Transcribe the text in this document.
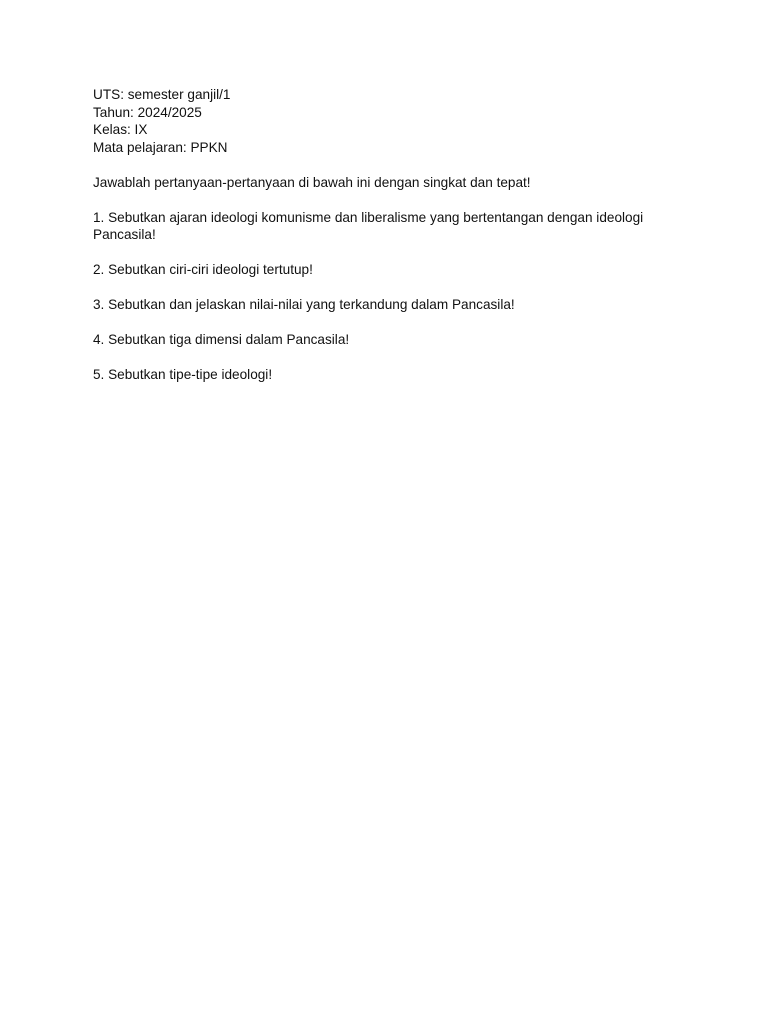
UTS: semester ganjil/1
Tahun: 2024/2025
Kelas: IX
Mata pelajaran: PPKN
Jawablah pertanyaan-pertanyaan di bawah ini dengan singkat dan tepat!
1. Sebutkan ajaran ideologi komunisme dan liberalisme yang bertentangan dengan ideologi Pancasila!
2. Sebutkan ciri-ciri ideologi tertutup!
3. Sebutkan dan jelaskan nilai-nilai yang terkandung dalam Pancasila!
4. Sebutkan tiga dimensi dalam Pancasila!
5. Sebutkan tipe-tipe ideologi!
